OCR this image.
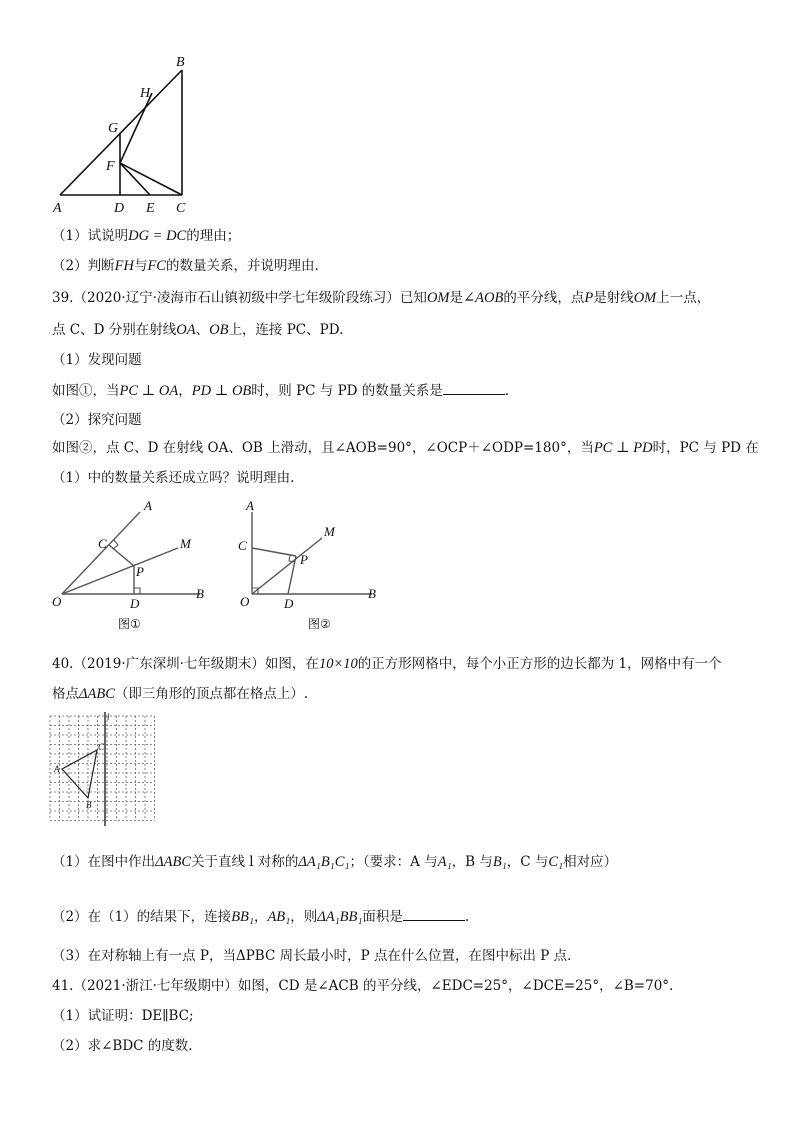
B
H
G
F
A	D E C
（1）试说明DG = DC的理由；
（2）判断FH与FC的数量关系，并说明理由.
39.（2020·辽宁·凌海市石山镇初级中学七年级阶段练习）已知OM是∠AOB的平分线，点P是射线OM上一点，
点 C、D 分别在射线OA、OB上，连接 PC、PD.
（1）发现问题
如图①，当PC ⊥ OA，PD ⊥ OB时，则 PC 与 PD 的数量关系是	.
（2）探究问题
如图②，点 C、D 在射线 OA、OB 上滑动，且∠AOB=90°，∠OCP＋∠ODP=180°，当PC ⊥ PD时，PC 与 PD 在
（1）中的数量关系还成立吗？说明理由.
A
C	M
P
O	D
B
图①
A
C
M
P
O	D
B
图②
40.（2019·广东深圳·七年级期末）如图，在10×10的正方形网格中，每个小正方形的边长都为 1，网格中有一个
格点ΔABC（即三角形的顶点都在格点上）.
l
C
A
B
（1）在图中作出ΔABC关于直线 l 对称的ΔA₁B₁C₁；（要求：A 与A₁，B 与B₁，C 与C₁相对应）
（2）在（1）的结果下，连接BB₁，AB₁，则ΔA₁BB₁面积是	.
（3）在对称轴上有一点 P，当ΔPBC 周长最小时，P 点在什么位置，在图中标出 P 点.
41.（2021·浙江·七年级期中）如图，CD 是∠ACB 的平分线，∠EDC=25°，∠DCE=25°，∠B=70°.
（1）试证明：DE∥BC;
（2）求∠BDC 的度数.
